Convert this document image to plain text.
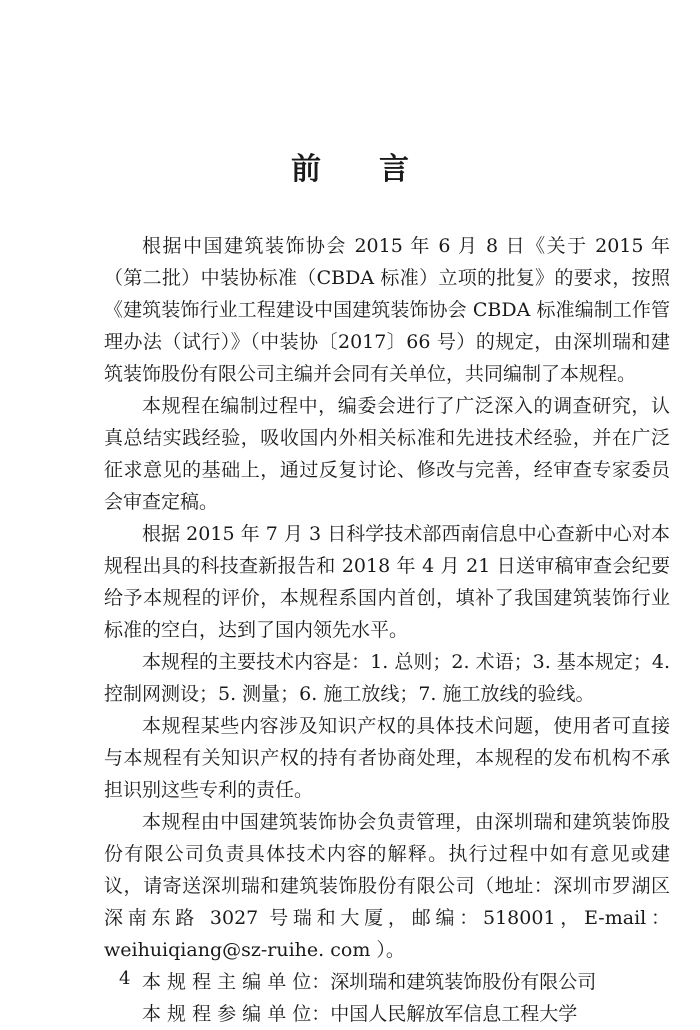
前言

根据中国建筑装饰协会 2015 年 6 月 8 日《关于 2015 年（第二批）中装协标准（CBDA 标准）立项的批复》的要求，按照《建筑装饰行业工程建设中国建筑装饰协会 CBDA 标准编制工作管理办法（试行）》（中装协〔2017〕66 号）的规定，由深圳瑞和建筑装饰股份有限公司主编并会同有关单位，共同编制了本规程。

本规程在编制过程中，编委会进行了广泛深入的调查研究，认真总结实践经验，吸收国内外相关标准和先进技术经验，并在广泛征求意见的基础上，通过反复讨论、修改与完善，经审查专家委员会审查定稿。

根据 2015 年 7 月 3 日科学技术部西南信息中心查新中心对本规程出具的科技查新报告和 2018 年 4 月 21 日送审稿审查会纪要给予本规程的评价，本规程系国内首创，填补了我国建筑装饰行业标准的空白，达到了国内领先水平。

本规程的主要技术内容是：1. 总则；2. 术语；3. 基本规定；4. 控制网测设；5. 测量；6. 施工放线；7. 施工放线的验线。

本规程某些内容涉及知识产权的具体技术问题，使用者可直接与本规程有关知识产权的持有者协商处理，本规程的发布机构不承担识别这些专利的责任。

本规程由中国建筑装饰协会负责管理，由深圳瑞和建筑装饰股份有限公司负责具体技术内容的解释。执行过程中如有意见或建议，请寄送深圳瑞和建筑装饰股份有限公司（地址：深圳市罗湖区深南东路 3027 号瑞和大厦，邮编：518001，E-mail：weihuiqiang@sz-ruihe. com ）。

本 规 程 主 编 单 位：深圳瑞和建筑装饰股份有限公司

本 规 程 参 编 单 位：中国人民解放军信息工程大学

4
